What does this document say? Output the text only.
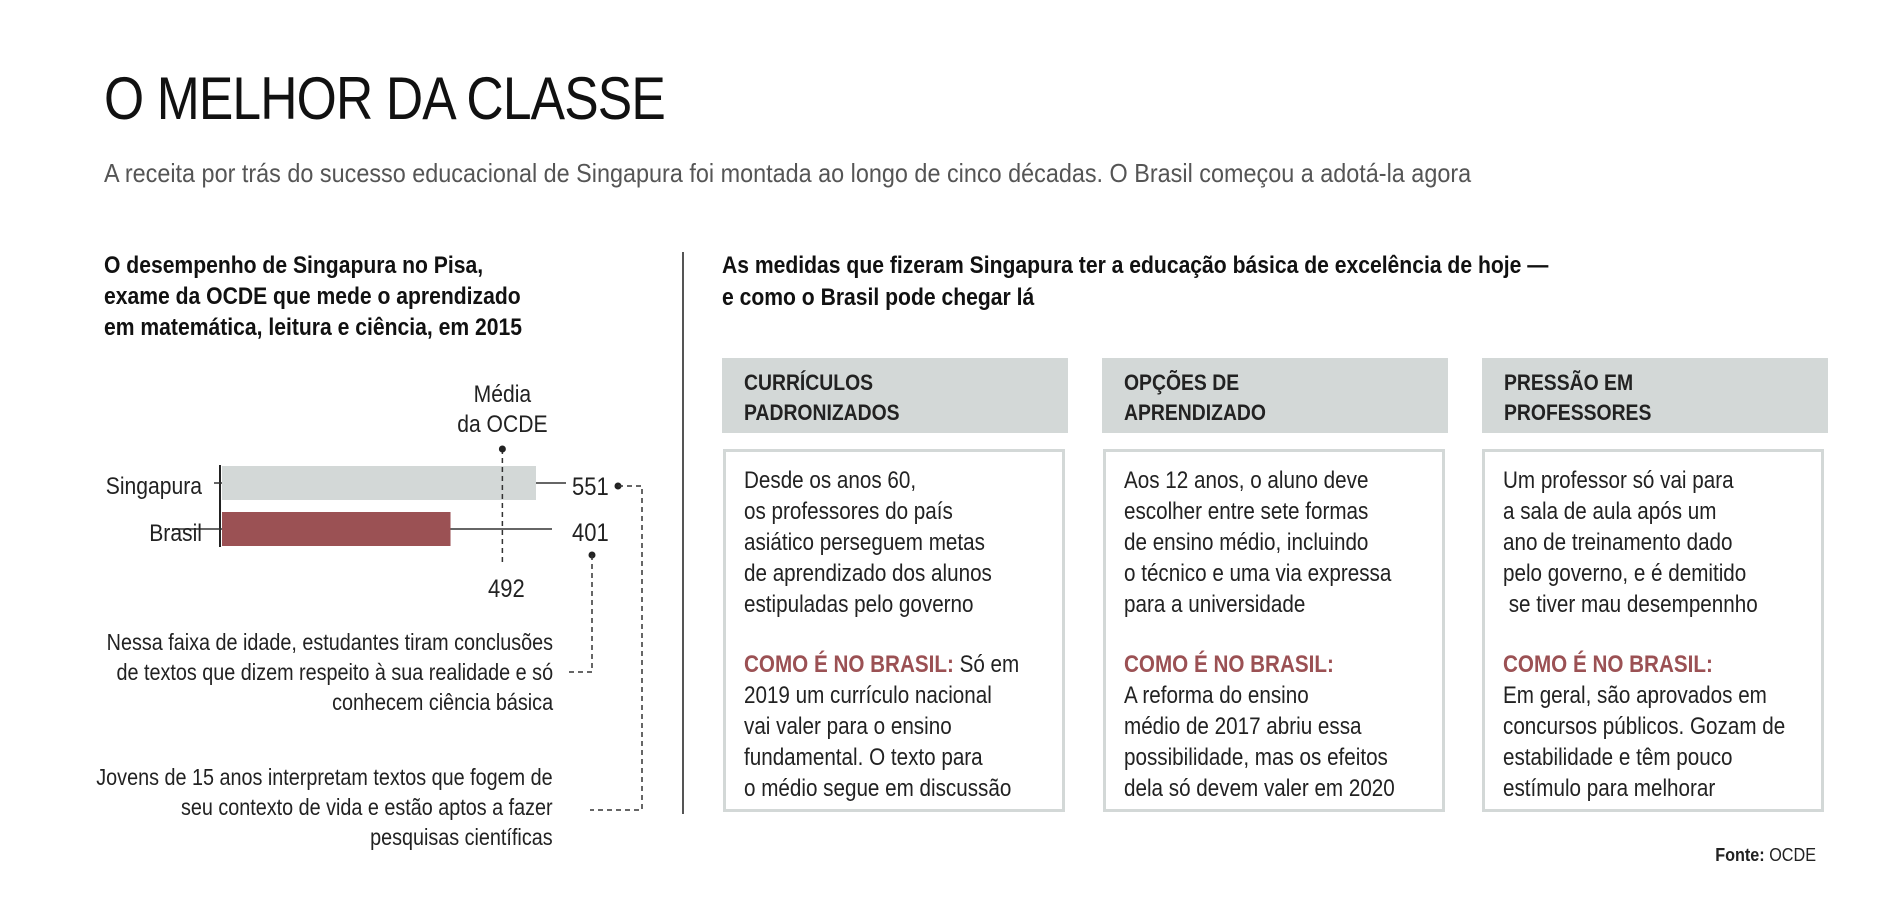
O MELHOR DA CLASSE
A receita por trás do sucesso educacional de Singapura foi montada ao longo de cinco décadas. O Brasil começou a adotá-la agora
O desempenho de Singapura no Pisa,
exame da OCDE que mede o aprendizado
em matemática, leitura e ciência, em 2015
Singapura	551
Brasil	401
Média
da OCDE
492
Nessa faixa de idade, estudantes tiram conclusões
de textos que dizem respeito à sua realidade e só
conhecem ciência básica
Jovens de 15 anos interpretam textos que fogem de
seu contexto de vida e estão aptos a fazer
pesquisas científicas
As medidas que fizeram Singapura ter a educação básica de excelência de hoje —
e como o Brasil pode chegar lá
CURRÍCULOS
PADRONIZADOS
Desde os anos 60,
os professores do país
asiático perseguem metas
de aprendizado dos alunos
estipuladas pelo governo
COMO É NO BRASIL: Só em
2019 um currículo nacional
vai valer para o ensino
fundamental. O texto para
o médio segue em discussão
OPÇÕES DE
APRENDIZADO
Aos 12 anos, o aluno deve
escolher entre sete formas
de ensino médio, incluindo
o técnico e uma via expressa
para a universidade
COMO É NO BRASIL:
A reforma do ensino
médio de 2017 abriu essa
possibilidade, mas os efeitos
dela só devem valer em 2020
PRESSÃO EM
PROFESSORES
Um professor só vai para
a sala de aula após um
ano de treinamento dado
pelo governo, e é demitido
se tiver mau desempennho
COMO É NO BRASIL:
Em geral, são aprovados em
concursos públicos. Gozam de
estabilidade e têm pouco
estímulo para melhorar
Fonte: OCDE
